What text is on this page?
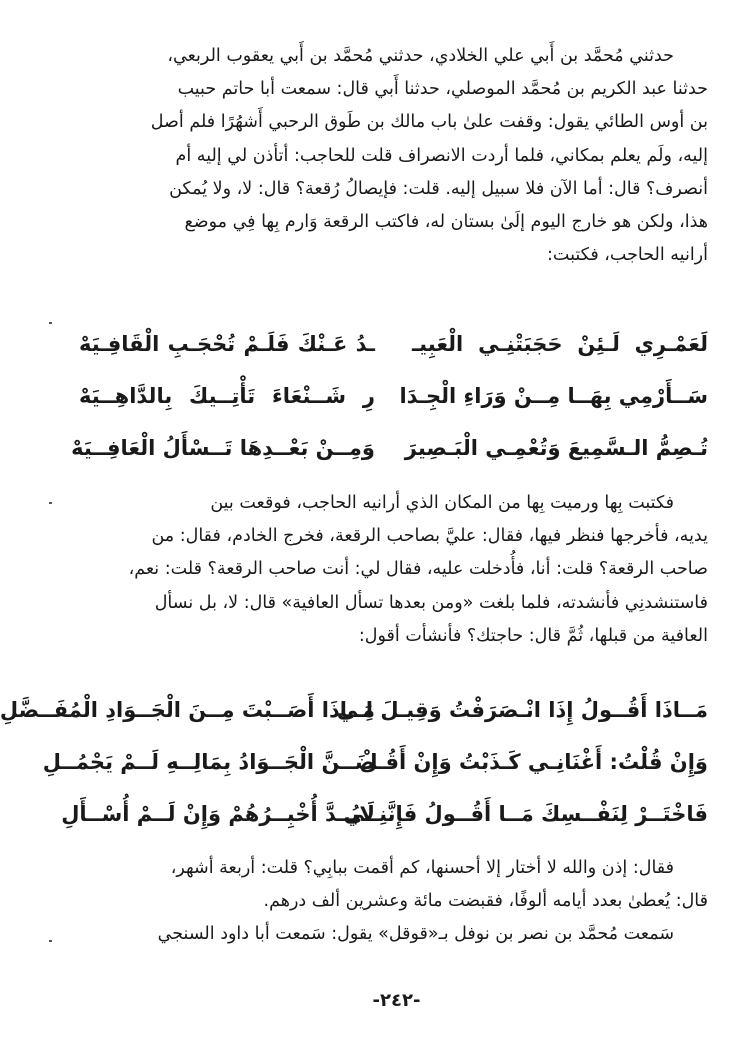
حدثني مُحمَّد بن أَبي علي الخلادي، حدثني مُحمَّد بن أَبي يعقوب الربعي،

حدثنا عبد الكريم بن مُحمَّد الموصلي، حدثنا أَبي قال: سمعت أبا حاتم حبيب

بن أوس الطائي يقول: وقفت علىٰ باب مالك بن طَوق الرحبي أَشهُرًا فلم أصل

إليه، ولَم يعلم بمكاني، فلما أردت الانصراف قلت للحاجب: أتأذن لي إليه أم

أنصرف؟ قال: أما الآن فلا سبيل إليه. قلت: فإيصالُ رُقعة؟ قال: لا، ولا يُمكن

هذا، ولكن هو خارج اليوم إلَىٰ بستان له، فاكتب الرقعة وَارم بِها فِي موضع

أرانيه الحاجب، فكتبت:

لَعَمْـرِي لَـئِنْ حَجَبَتْنِـي الْعَبِيـ
ـدُ عَـنْكَ فَلَـمْ تُحْجَـبِ الْقَافِـيَهْ
سَــأَرْمِي بِهَــا مِــنْ وَرَاءِ الْجِـدَا
رِ شَــنْعَاءَ تَأْتِــيكَ بِالدَّاهِــيَهْ
تُـصِمُّ الـسَّمِيعَ وَتُعْمِـي الْبَـصِيرَ
وَمِــنْ بَعْــدِهَا تَــسْأَلُ الْعَافِــيَهْ

فكتبت بِها ورميت بِها من المكان الذي أرانيه الحاجب، فوقعت بين

يديه، فأخرجها فنظر فيها، فقال: عليَّ بصاحب الرقعة، فخرج الخادم، فقال: من

صاحب الرقعة؟ قلت: أنا، فأُدخلت عليه، فقال لي: أنت صاحب الرقعة؟ قلت: نعم،

فاستنشدنِي فأنشدته، فلما بلغت «ومن بعدها تسأل العافية» قال: لا، بل نسأل

العافية من قبلها، ثُمَّ قال: حاجتك؟ فأنشأت أقول:

مَــاذَا أَقُــولُ إِذَا انْـصَرَفْتُ وَقِيـلَ لِـي
مَــاذَا أَصَــبْتَ مِــنَ الْجَــوَادِ الْمُفَــضَّلِ
وَإِنْ قُلْتُ: أَغْنَانِـي كَـذَبْتُ وَإِنْ أَقُـلْ
ضَــنَّ الْجَــوَادُ بِمَالِــهِ لَــمْ يَجْمُــلِ
فَاخْتَــرْ لِنَفْــسِكَ مَــا أَقُــولُ فَإِنَّنِــي
لَابُــدَّ أُخْبِــرُهُمْ وَإِنْ لَــمْ أُسْــأَلِ

فقال: إذن والله لا أختار إلا أحسنها، كم أقمت ببابِي؟ قلت: أربعة أشهر،

قال: يُعطىٰ بعدد أيامه ألوفًا، فقبضت مائة وعشرين ألف درهم.

سَمعت مُحمَّد بن نصر بن نوفل بـ«قوقل» يقول: سَمعت أبا داود السنجي

-٢٤٢-
